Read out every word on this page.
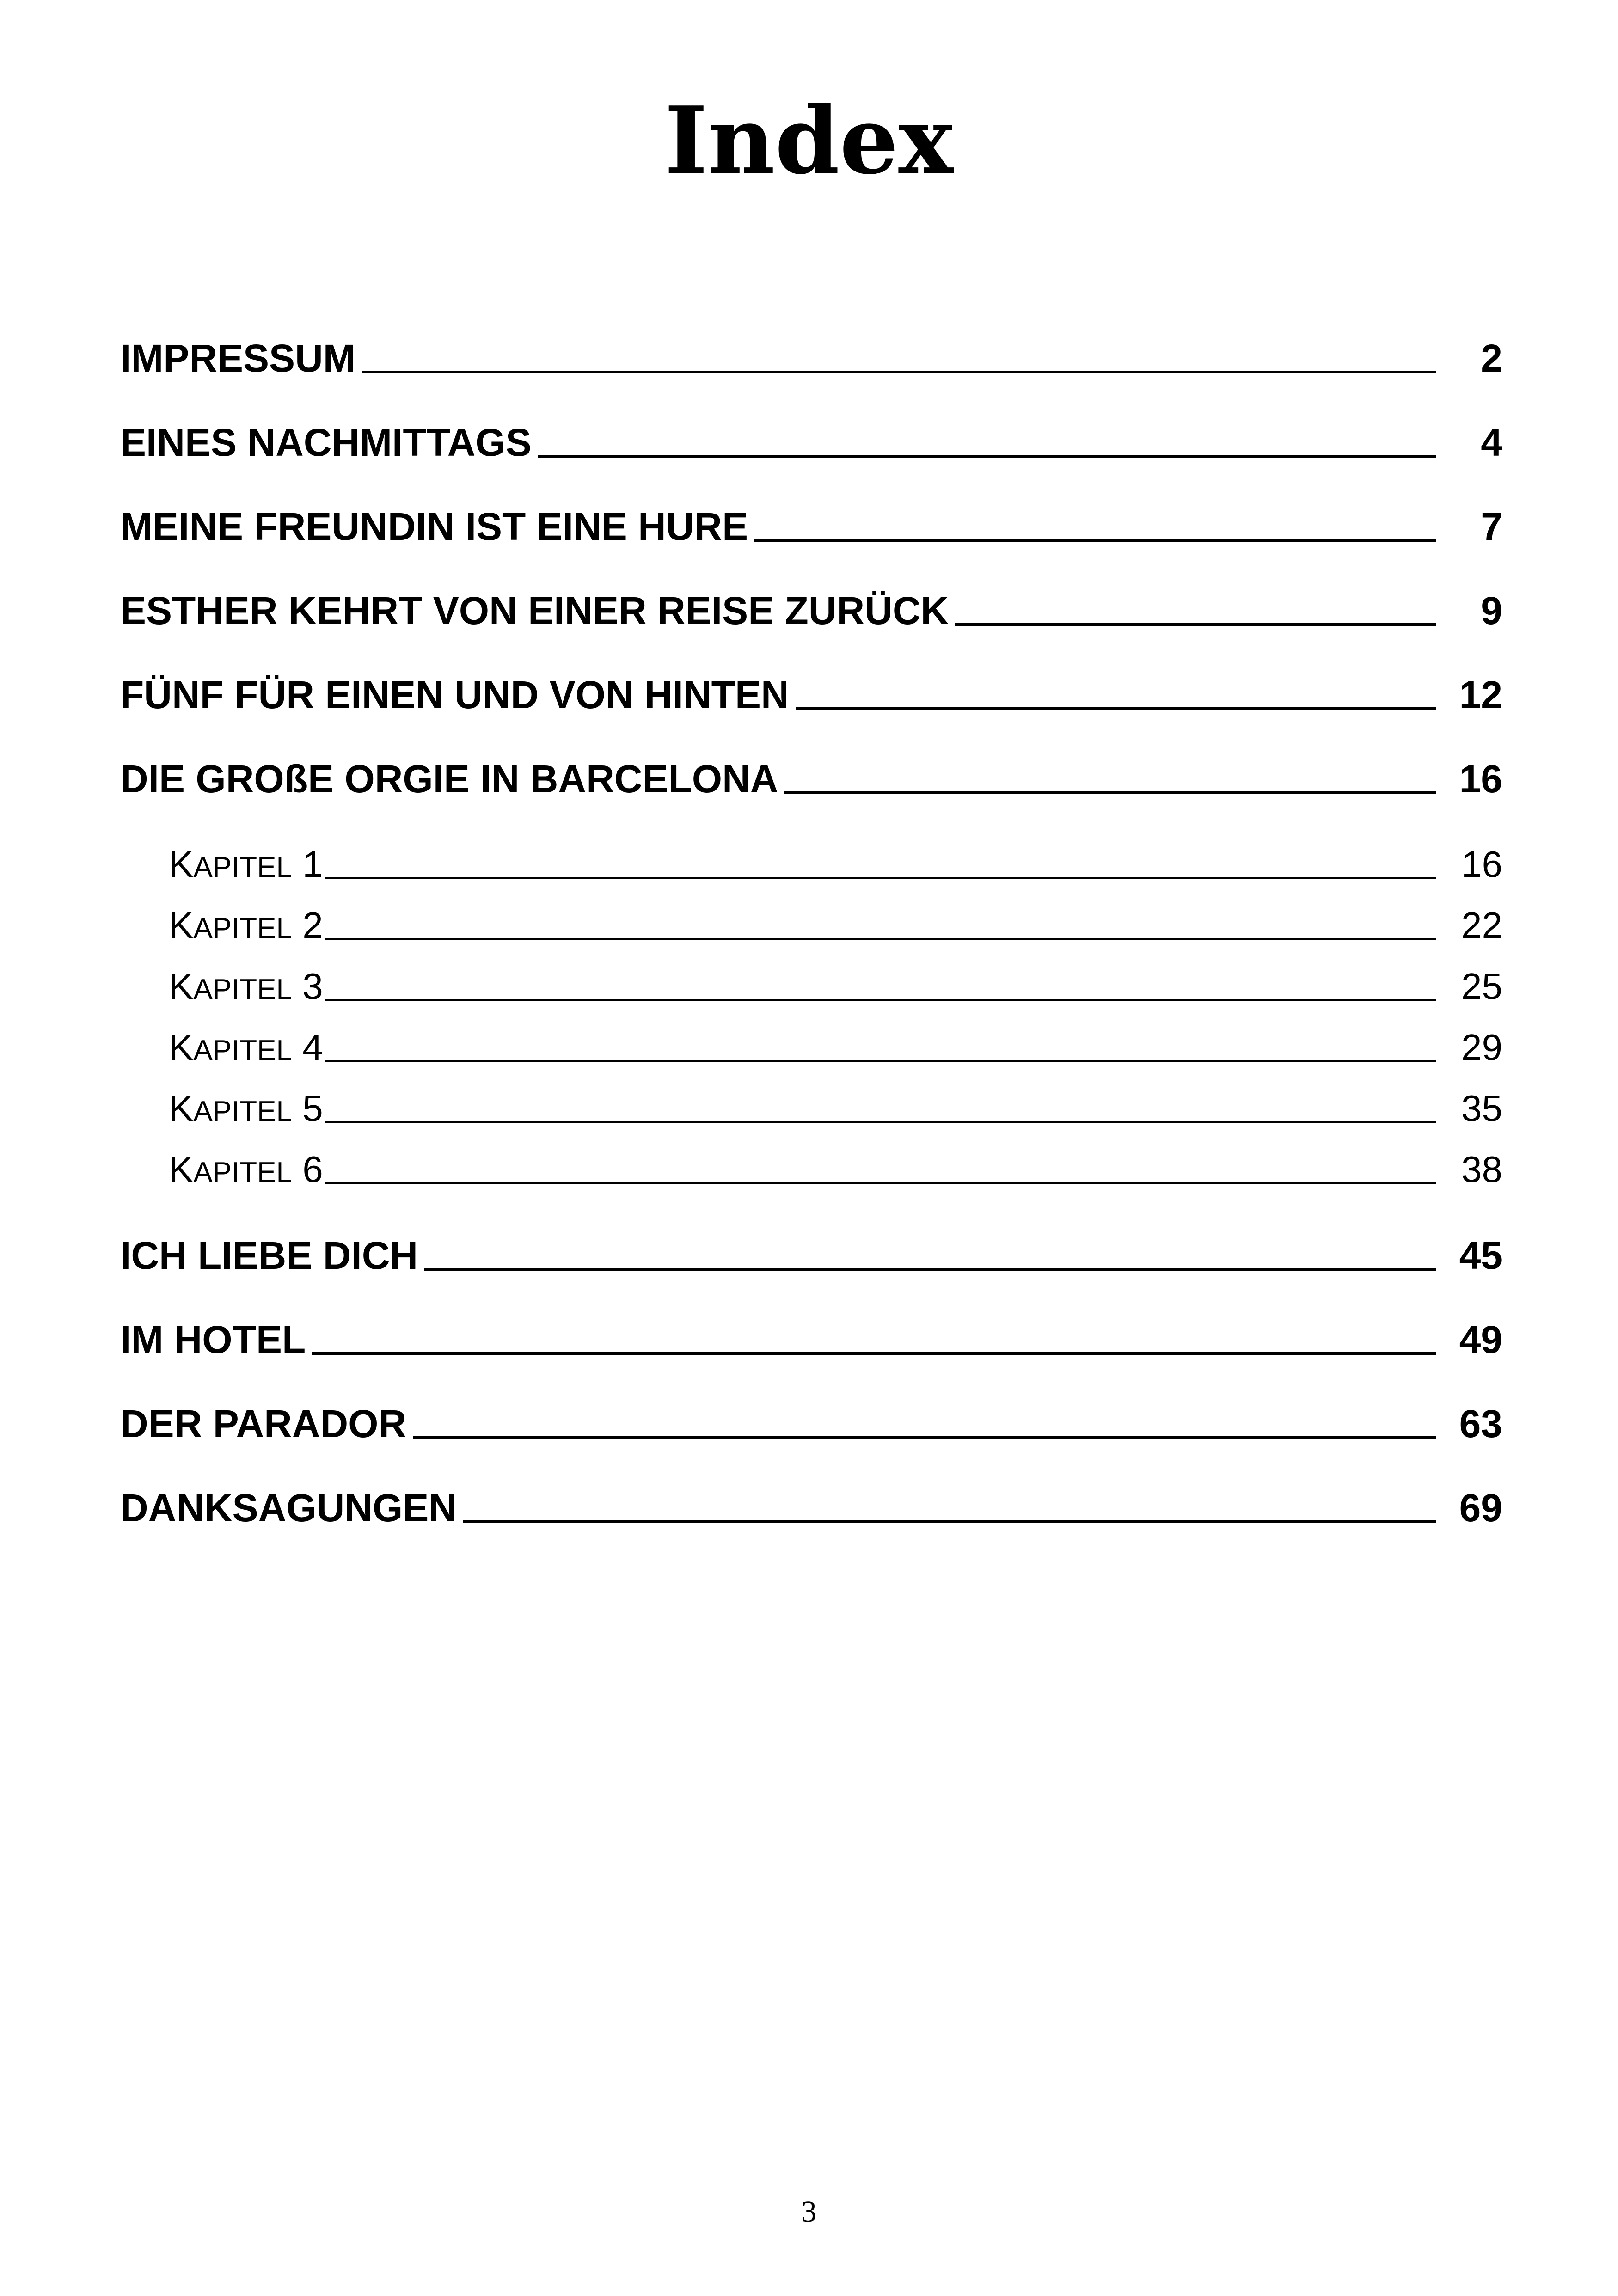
Index
IMPRESSUM	2
EINES NACHMITTAGS	4
MEINE FREUNDIN IST EINE HURE	7
ESTHER KEHRT VON EINER REISE ZURÜCK	9
FÜNF FÜR EINEN UND VON HINTEN	12
DIE GROßE ORGIE IN BARCELONA	16
KAPITEL 1	16
KAPITEL 2	22
KAPITEL 3	25
KAPITEL 4	29
KAPITEL 5	35
KAPITEL 6	38
ICH LIEBE DICH	45
IM HOTEL	49
DER PARADOR	63
DANKSAGUNGEN	69
3
